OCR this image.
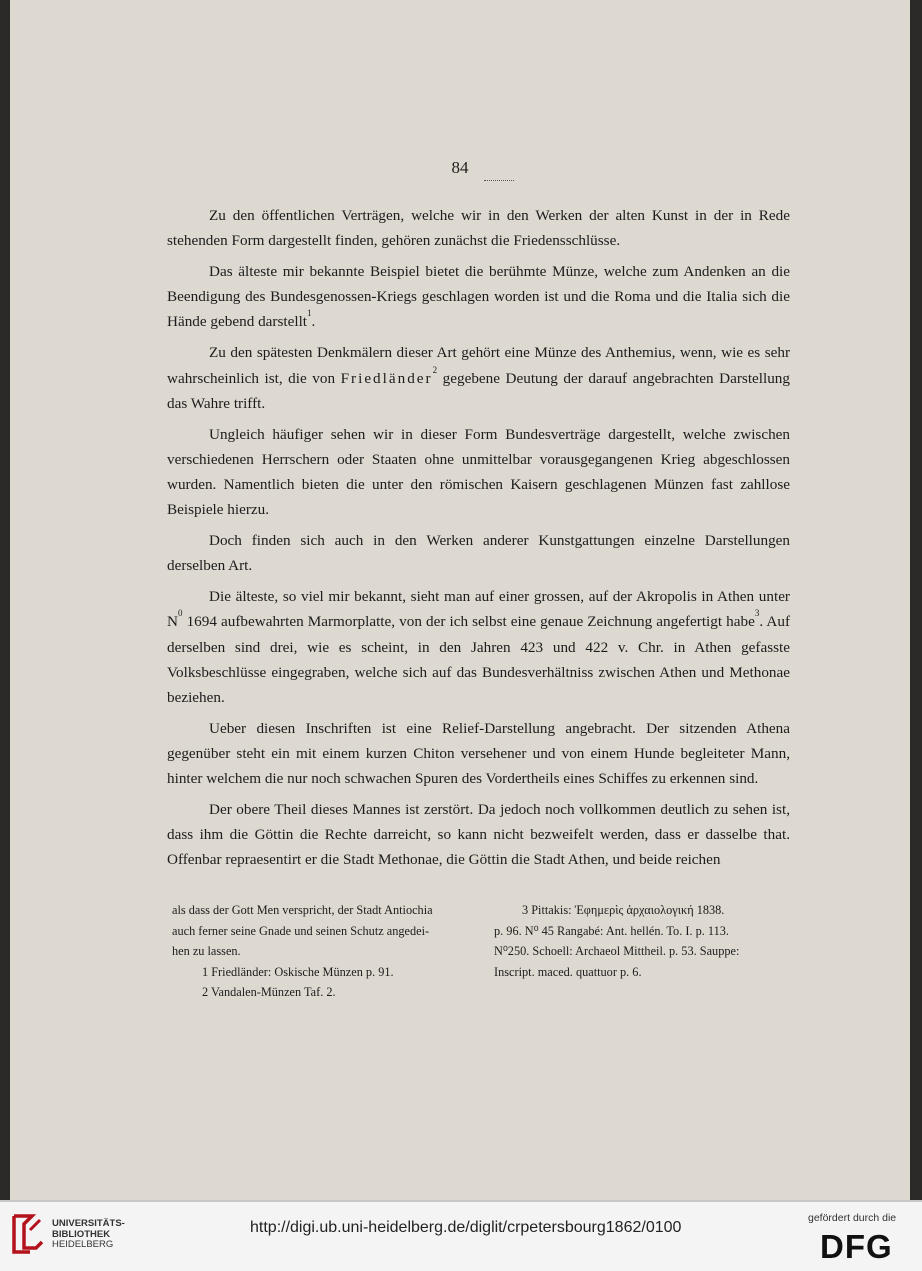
84

Zu den öffentlichen Verträgen, welche wir in den Werken der alten Kunst in der in Rede stehenden Form dargestellt finden, gehören zunächst die Friedensschlüsse.

Das älteste mir bekannte Beispiel bietet die berühmte Münze, welche zum Andenken an die Beendigung des Bundesgenossen-Kriegs geschlagen worden ist und die Roma und die Italia sich die Hände gebend darstellt$^1$.

Zu den spätesten Denkmälern dieser Art gehört eine Münze des Anthemius, wenn, wie es sehr wahrscheinlich ist, die von Friedländer$^2$ gegebene Deutung der darauf angebrachten Darstellung das Wahre trifft.

Ungleich häufiger sehen wir in dieser Form Bundesverträge dargestellt, welche zwischen verschiedenen Herrschern oder Staaten ohne unmittelbar vorausgegangenen Krieg abgeschlossen wurden. Namentlich bieten die unter den römischen Kaisern geschlagenen Münzen fast zahllose Beispiele hierzu.

Doch finden sich auch in den Werken anderer Kunstgattungen einzelne Darstellungen derselben Art.

Die älteste, so viel mir bekannt, sieht man auf einer grossen, auf der Akropolis in Athen unter $N^0$ 1694 aufbewahrten Marmorplatte, von der ich selbst eine genaue Zeichnung angefertigt habe$^3$. Auf derselben sind drei, wie es scheint, in den Jahren 423 und 422 v. Chr. in Athen gefasste Volksbeschlüsse eingegraben, welche sich auf das Bundesverhältniss zwischen Athen und Methonae beziehen.

Ueber diesen Inschriften ist eine Relief-Darstellung angebracht. Der sitzenden Athena gegenüber steht ein mit einem kurzen Chiton versehener und von einem Hunde begleiteter Mann, hinter welchem die nur noch schwachen Spuren des Vordertheils eines Schiffes zu erkennen sind.

Der obere Theil dieses Mannes ist zerstört. Da jedoch noch vollkommen deutlich zu sehen ist, dass ihm die Göttin die Rechte darreicht, so kann nicht bezweifelt werden, dass er dasselbe that. Offenbar repraesentirt er die Stadt Methonae, die Göttin die Stadt Athen, und beide reichen

als dass der Gott Men verspricht, der Stadt Antiochia
auch ferner seine Gnade und seinen Schutz angedei-
hen zu lassen.
1 Friedländer: Oskische Münzen p. 91.
2 Vandalen-Münzen Taf. 2.
3 Pittakis: Ἐφημερὶς ἀρχαιολογική 1838.
p. 96. N⁰ 45 Rangabé: Ant. hellén. To. I. p. 113.
N⁰250. Schoell: Archaeol Mittheil. p. 53. Sauppe:
Inscript. maced. quattuor p. 6.
UNIVERSITÄTS-
BIBLIOTHEK
HEIDELBERG
http://digi.ub.uni-heidelberg.de/diglit/crpetersbourg1862/0100
gefördert durch die
DFG
